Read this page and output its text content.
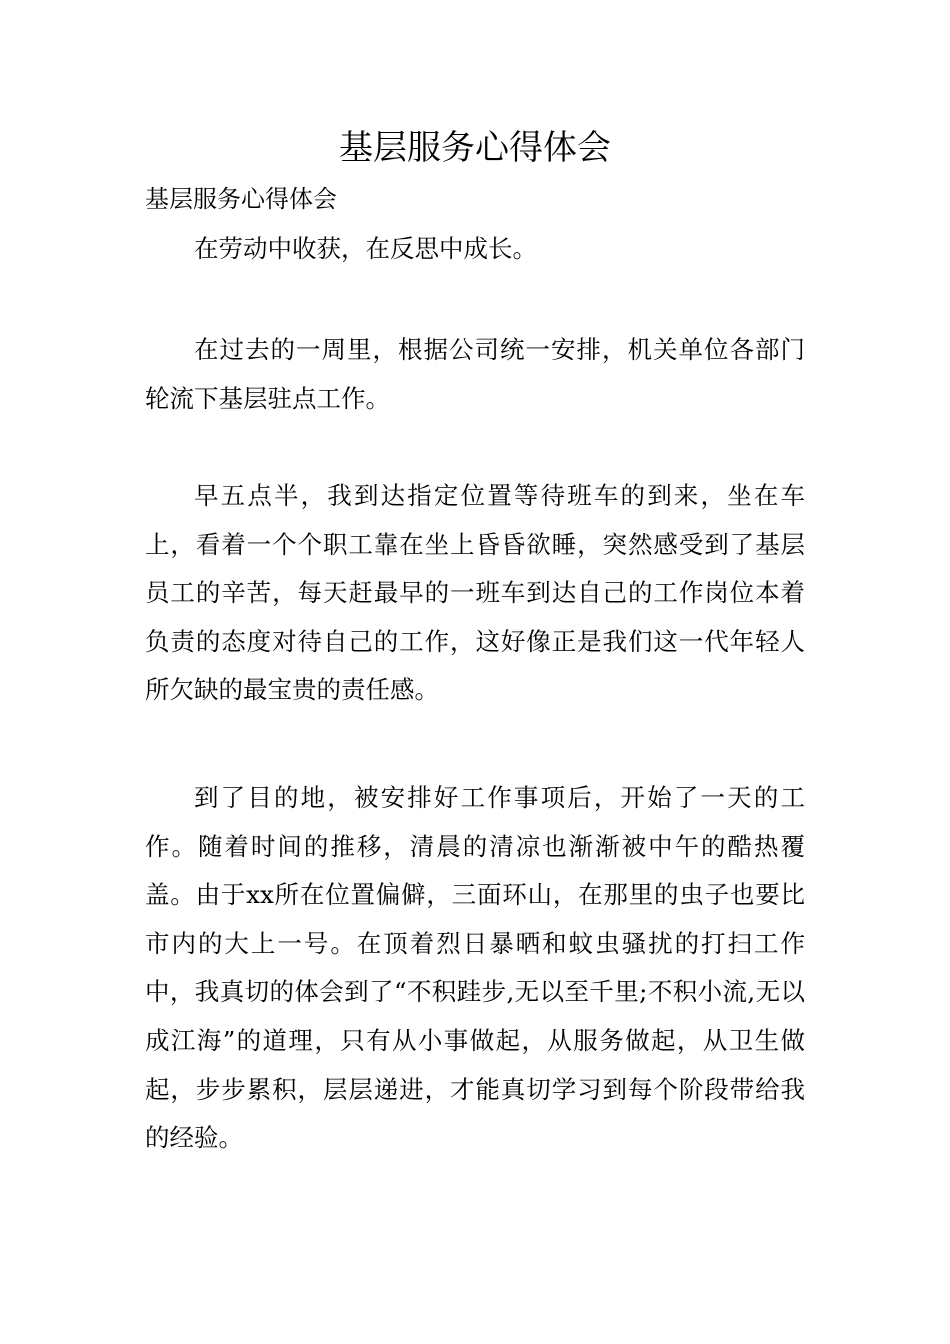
基层服务心得体会

基层服务心得体会

在劳动中收获，在反思中成长。

在过去的一周里，根据公司统一安排，机关单位各部门轮流下基层驻点工作。

早五点半，我到达指定位置等待班车的到来，坐在车上，看着一个个职工靠在坐上昏昏欲睡，突然感受到了基层员工的辛苦，每天赶最早的一班车到达自己的工作岗位本着负责的态度对待自己的工作，这好像正是我们这一代年轻人所欠缺的最宝贵的责任感。

到了目的地，被安排好工作事项后，开始了一天的工作。随着时间的推移，清晨的清凉也渐渐被中午的酷热覆盖。由于xx所在位置偏僻，三面环山，在那里的虫子也要比市内的大上一号。在顶着烈日暴晒和蚊虫骚扰的打扫工作中，我真切的体会到了“不积跬步,无以至千里;不积小流,无以成江海”的道理，只有从小事做起，从服务做起，从卫生做起，步步累积，层层递进，才能真切学习到每个阶段带给我的经验。
